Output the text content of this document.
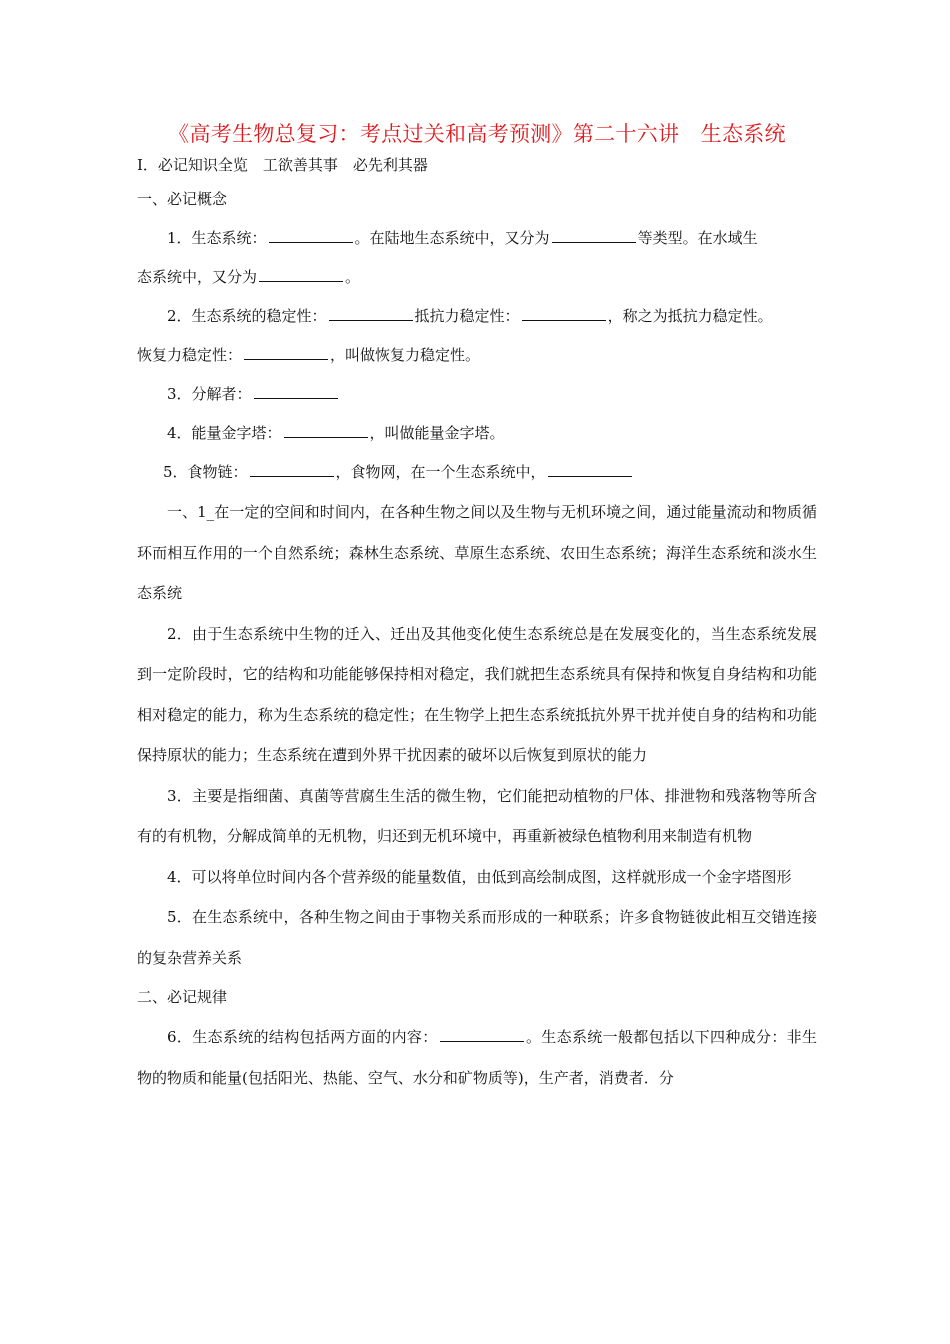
《高考生物总复习：考点过关和高考预测》第二十六讲　生态系统

I．必记知识全览　工欲善其事　必先利其器

一、必记概念

1．生态系统：	。在陆地生态系统中，又分为	等类型。在水域生

态系统中，又分为	。

2．生态系统的稳定性：	抵抗力稳定性：	，称之为抵抗力稳定性。

恢复力稳定性：	，叫做恢复力稳定性。

3．分解者：

4．能量金字塔：	，叫做能量金字塔。

5．食物链：	，食物网，在一个生态系统中，

一、1_在一定的空间和时间内，在各种生物之间以及生物与无机环境之间，通过能量流动和物质循环而相互作用的一个自然系统；森林生态系统、草原生态系统、农田生态系统；海洋生态系统和淡水生态系统

2．由于生态系统中生物的迁入、迁出及其他变化使生态系统总是在发展变化的，当生态系统发展到一定阶段时，它的结构和功能能够保持相对稳定，我们就把生态系统具有保持和恢复自身结构和功能相对稳定的能力，称为生态系统的稳定性；在生物学上把生态系统抵抗外界干扰并使自身的结构和功能保持原状的能力；生态系统在遭到外界干扰因素的破坏以后恢复到原状的能力

3．主要是指细菌、真菌等营腐生生活的微生物，它们能把动植物的尸体、排泄物和残落物等所含有的有机物，分解成简单的无机物，归还到无机环境中，再重新被绿色植物利用来制造有机物

4．可以将单位时间内各个营养级的能量数值，由低到高绘制成图，这样就形成一个金字塔图形

5．在生态系统中，各种生物之间由于事物关系而形成的一种联系；许多食物链彼此相互交错连接的复杂营养关系

二、必记规律

6．生态系统的结构包括两方面的内容：	。生态系统一般都包括以下四种成分：非生物的物质和能量(包括阳光、热能、空气、水分和矿物质等)，生产者，消费者．分
